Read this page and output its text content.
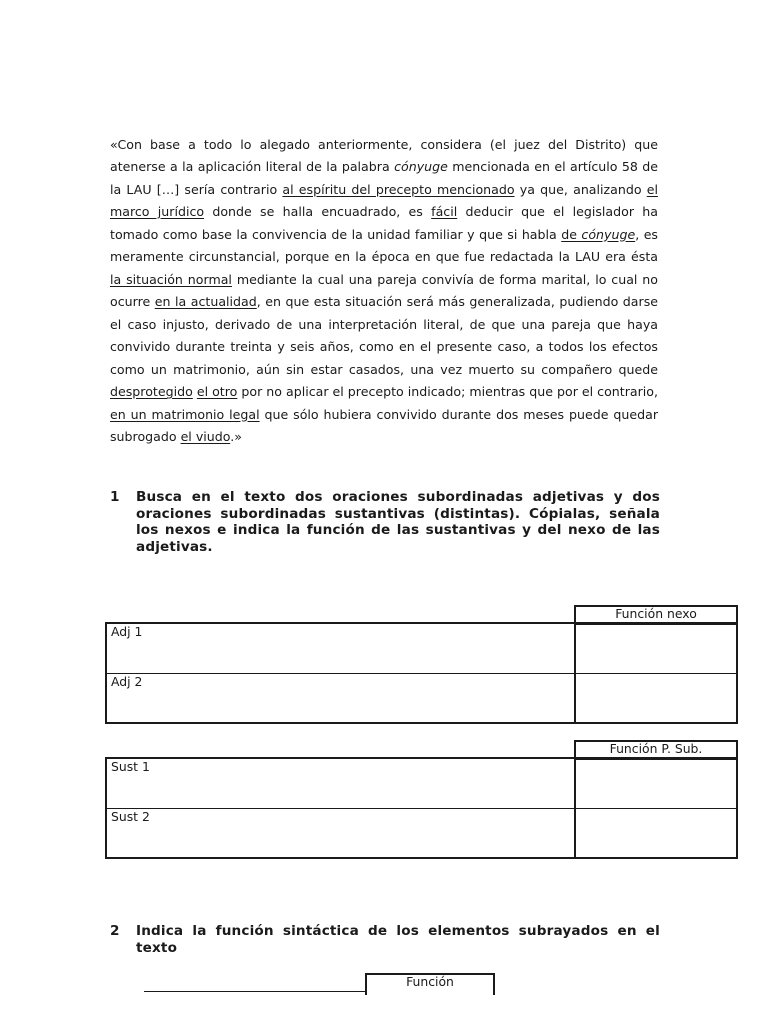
«Con base a todo lo alegado anteriormente, considera (el juez del Distrito) que atenerse a la aplicación literal de la palabra cónyuge mencionada en el artículo 58 de la LAU […] sería contrario al espíritu del precepto mencionado ya que, analizando el marco jurídico donde se halla encuadrado, es fácil deducir que el legislador ha tomado como base la convivencia de la unidad familiar y que si habla de cónyuge, es meramente circunstancial, porque en la época en que fue redactada la LAU era ésta la situación normal mediante la cual una pareja convivía de forma marital, lo cual no ocurre en la actualidad, en que esta situación será más generalizada, pudiendo darse el caso injusto, derivado de una interpretación literal, de que una pareja que haya convivido durante treinta y seis años, como en el presente caso, a todos los efectos como un matrimonio, aún sin estar casados, una vez muerto su compañero quede desprotegido el otro por no aplicar el precepto indicado; mientras que por el contrario, en un matrimonio legal que sólo hubiera convivido durante dos meses puede quedar subrogado el viudo.»

1 Busca en el texto dos oraciones subordinadas adjetivas y dos oraciones subordinadas sustantivas (distintas). Cópialas, señala los nexos e indica la función de las sustantivas y del nexo de las adjetivas.
Función nexo
Adj 1
Adj 2
Función P. Sub.
Sust 1
Sust 2
2 Indica la función sintáctica de los elementos subrayados en el texto
Función
